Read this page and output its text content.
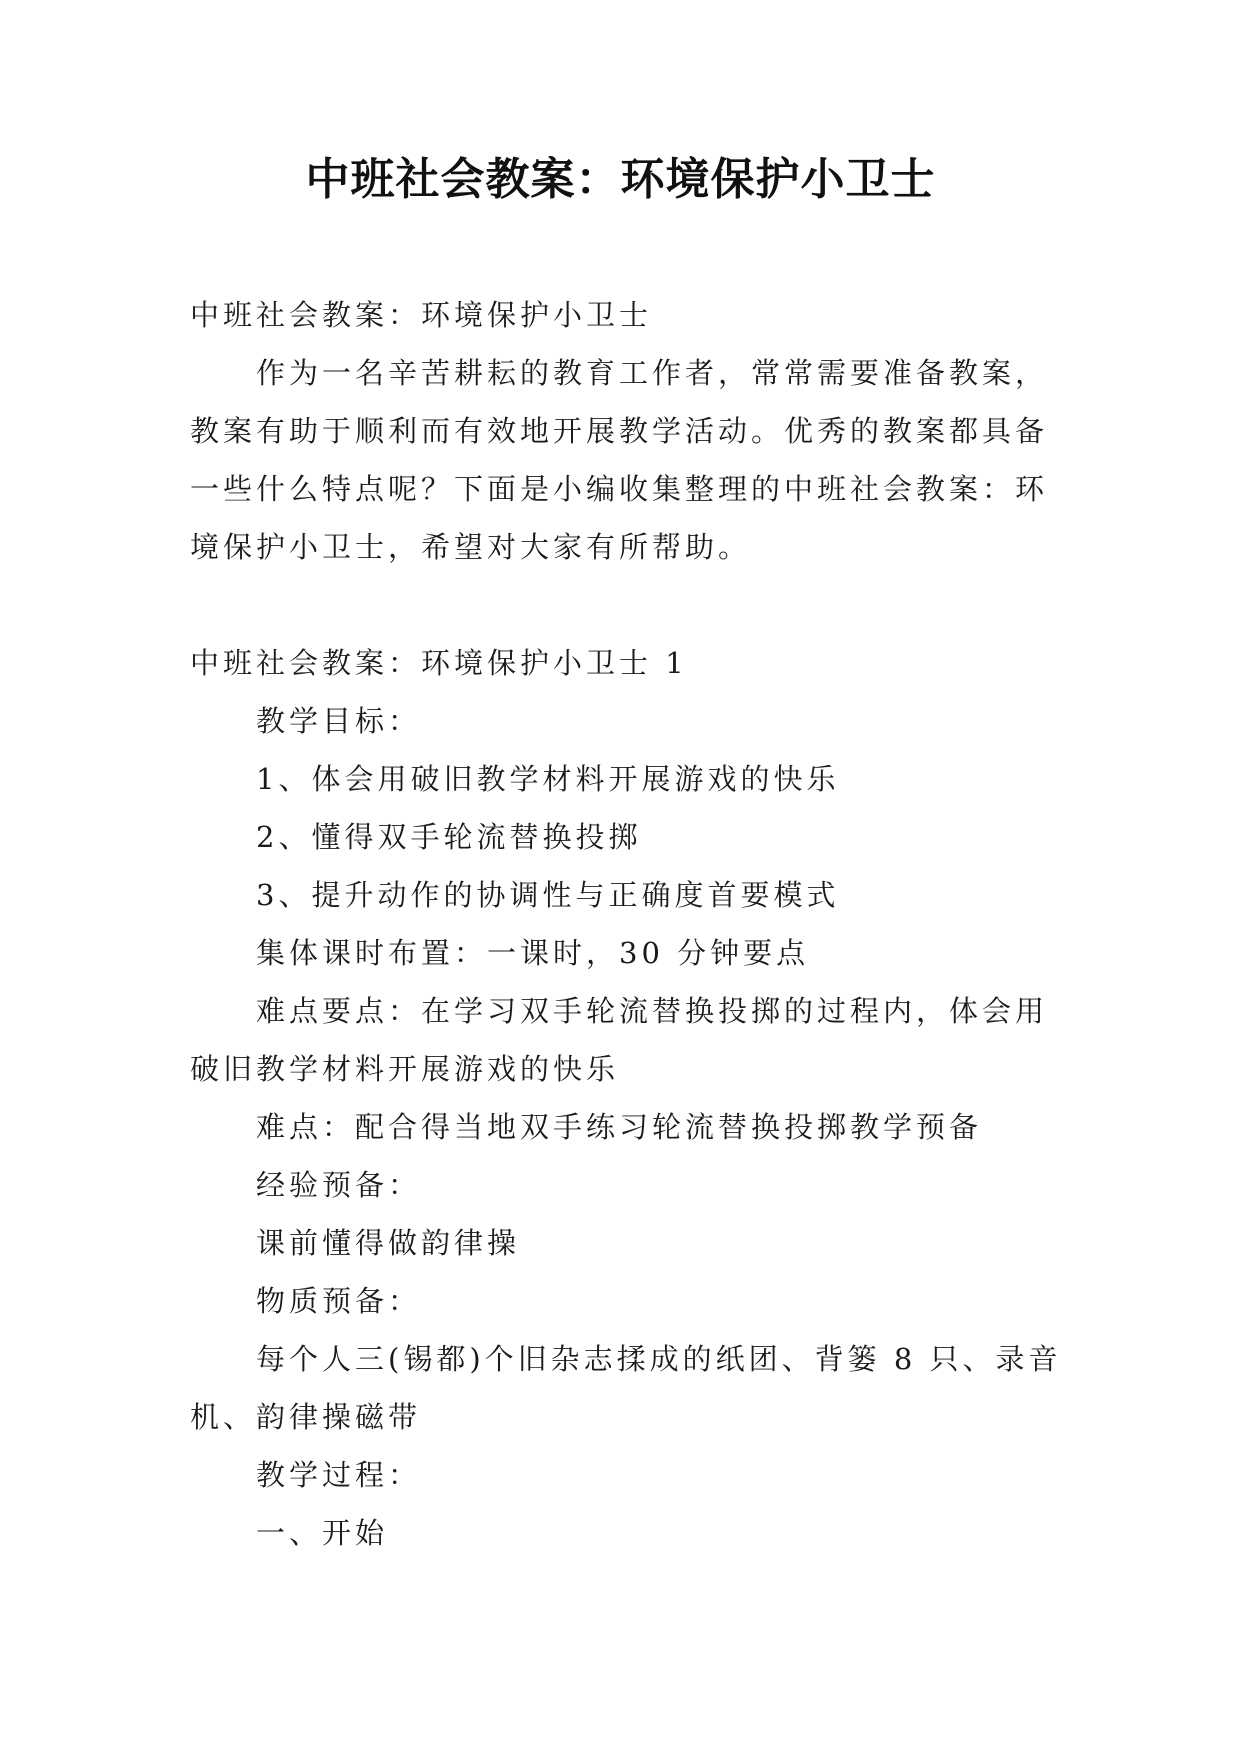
中班社会教案：环境保护小卫士
中班社会教案：环境保护小卫士
作为一名辛苦耕耘的教育工作者，常常需要准备教案，
教案有助于顺利而有效地开展教学活动。优秀的教案都具备
一些什么特点呢？下面是小编收集整理的中班社会教案：环
境保护小卫士，希望对大家有所帮助。
中班社会教案：环境保护小卫士 1
教学目标：
1、体会用破旧教学材料开展游戏的快乐
2、懂得双手轮流替换投掷
3、提升动作的协调性与正确度首要模式
集体课时布置：一课时，30 分钟要点
难点要点：在学习双手轮流替换投掷的过程内，体会用
破旧教学材料开展游戏的快乐
难点：配合得当地双手练习轮流替换投掷教学预备
经验预备：
课前懂得做韵律操
物质预备：
每个人三(锡都)个旧杂志揉成的纸团、背篓 8 只、录音
机、韵律操磁带
教学过程：
一、开始
